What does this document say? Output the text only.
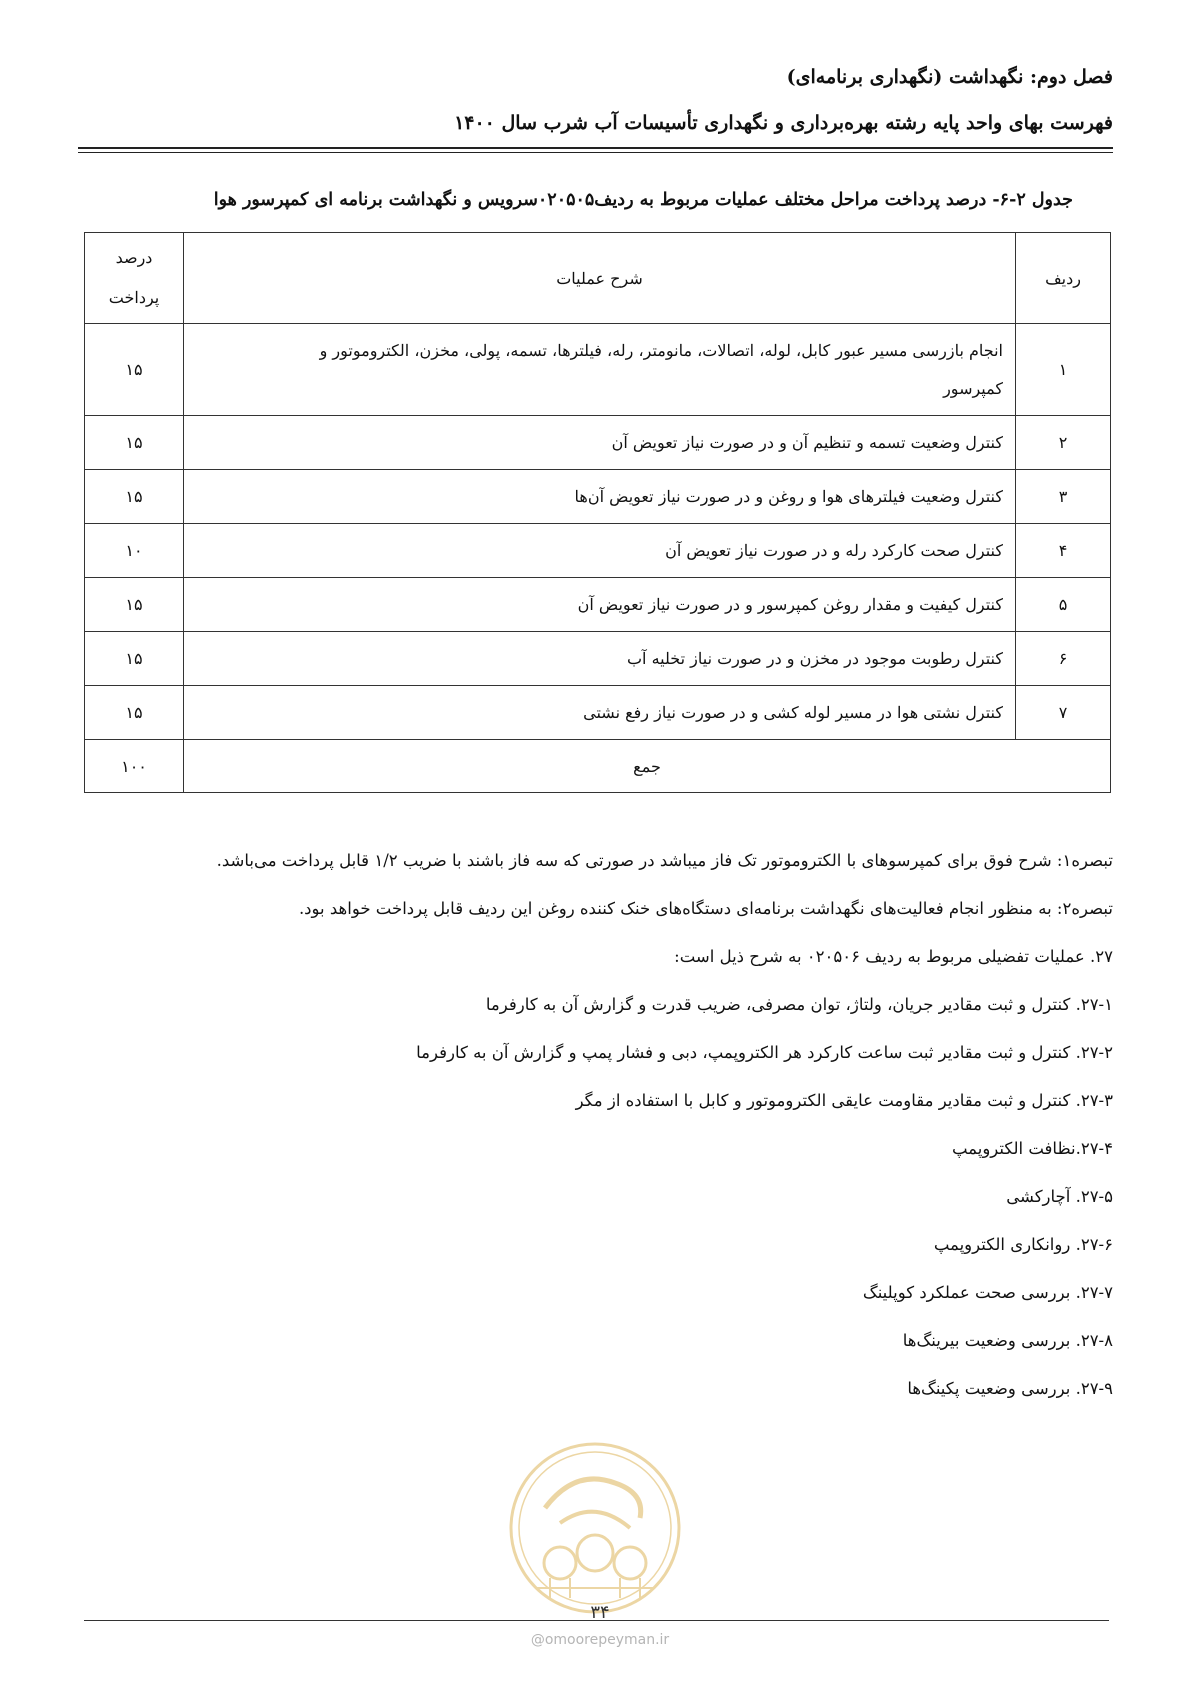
فصل دوم: نگهداشت (نگهداری برنامه‌ای)
فهرست بهای واحد پایه رشته بهره‌برداری و نگهداری تأسیسات آب شرب سال ۱۴۰۰
جدول ۲-۶- درصد پرداخت مراحل مختلف عملیات مربوط به ردیف۰۲۰۵۰۵سرویس و نگهداشت برنامه ای کمپرسور هوا
ردیف	شرح عملیات	درصد
پرداخت

۱	انجام بازرسی مسیر عبور کابل، لوله، اتصالات، مانومتر، رله، فیلترها، تسمه، پولی، مخزن، الکتروموتور و
کمپرسور	۱۵
۲	کنترل وضعیت تسمه و تنظیم آن و در صورت نیاز تعویض آن	۱۵
۳	کنترل وضعیت فیلترهای هوا و روغن و در صورت نیاز تعویض آن‌ها	۱۵
۴	کنترل صحت کارکرد رله و در صورت نیاز تعویض آن	۱۰
۵	کنترل کیفیت و مقدار روغن کمپرسور و در صورت نیاز تعویض آن	۱۵
۶	کنترل رطوبت موجود در مخزن و در صورت نیاز تخلیه آب	۱۵
۷	کنترل نشتی هوا در مسیر لوله کشی و در صورت نیاز رفع نشتی	۱۵
جمع		۱۰۰
تبصره۱: شرح فوق برای کمپرسوهای با الکتروموتور تک فاز میباشد در صورتی که سه فاز باشند با ضریب ۱/۲ قابل پرداخت می‌باشد.
تبصره۲: به منظور انجام فعالیت‌های نگهداشت برنامه‌ای دستگاه‌های خنک کننده روغن این ردیف قابل پرداخت خواهد بود.
۲۷. عملیات تفضیلی مربوط به ردیف ۰۲۰۵۰۶ به شرح ذیل است:
۲۷-۱. کنترل و ثبت مقادیر جریان، ولتاژ، توان مصرفی، ضریب قدرت و گزارش آن به کارفرما
۲۷-۲. کنترل و ثبت مقادیر ثبت ساعت کارکرد هر الکتروپمپ، دبی و فشار پمپ و گزارش آن به کارفرما
۲۷-۳. کنترل و ثبت مقادیر مقاومت عایقی الکتروموتور و کابل با استفاده از مگر
۲۷-۴.نظافت الکتروپمپ
۲۷-۵. آچارکشی
۲۷-۶. روانکاری الکتروپمپ
۲۷-۷. بررسی صحت عملکرد کوپلینگ
۲۷-۸. بررسی وضعیت بیرینگ‌ها
۲۷-۹. بررسی وضعیت پکینگ‌ها
۳۴
@omoorepeyman.ir
